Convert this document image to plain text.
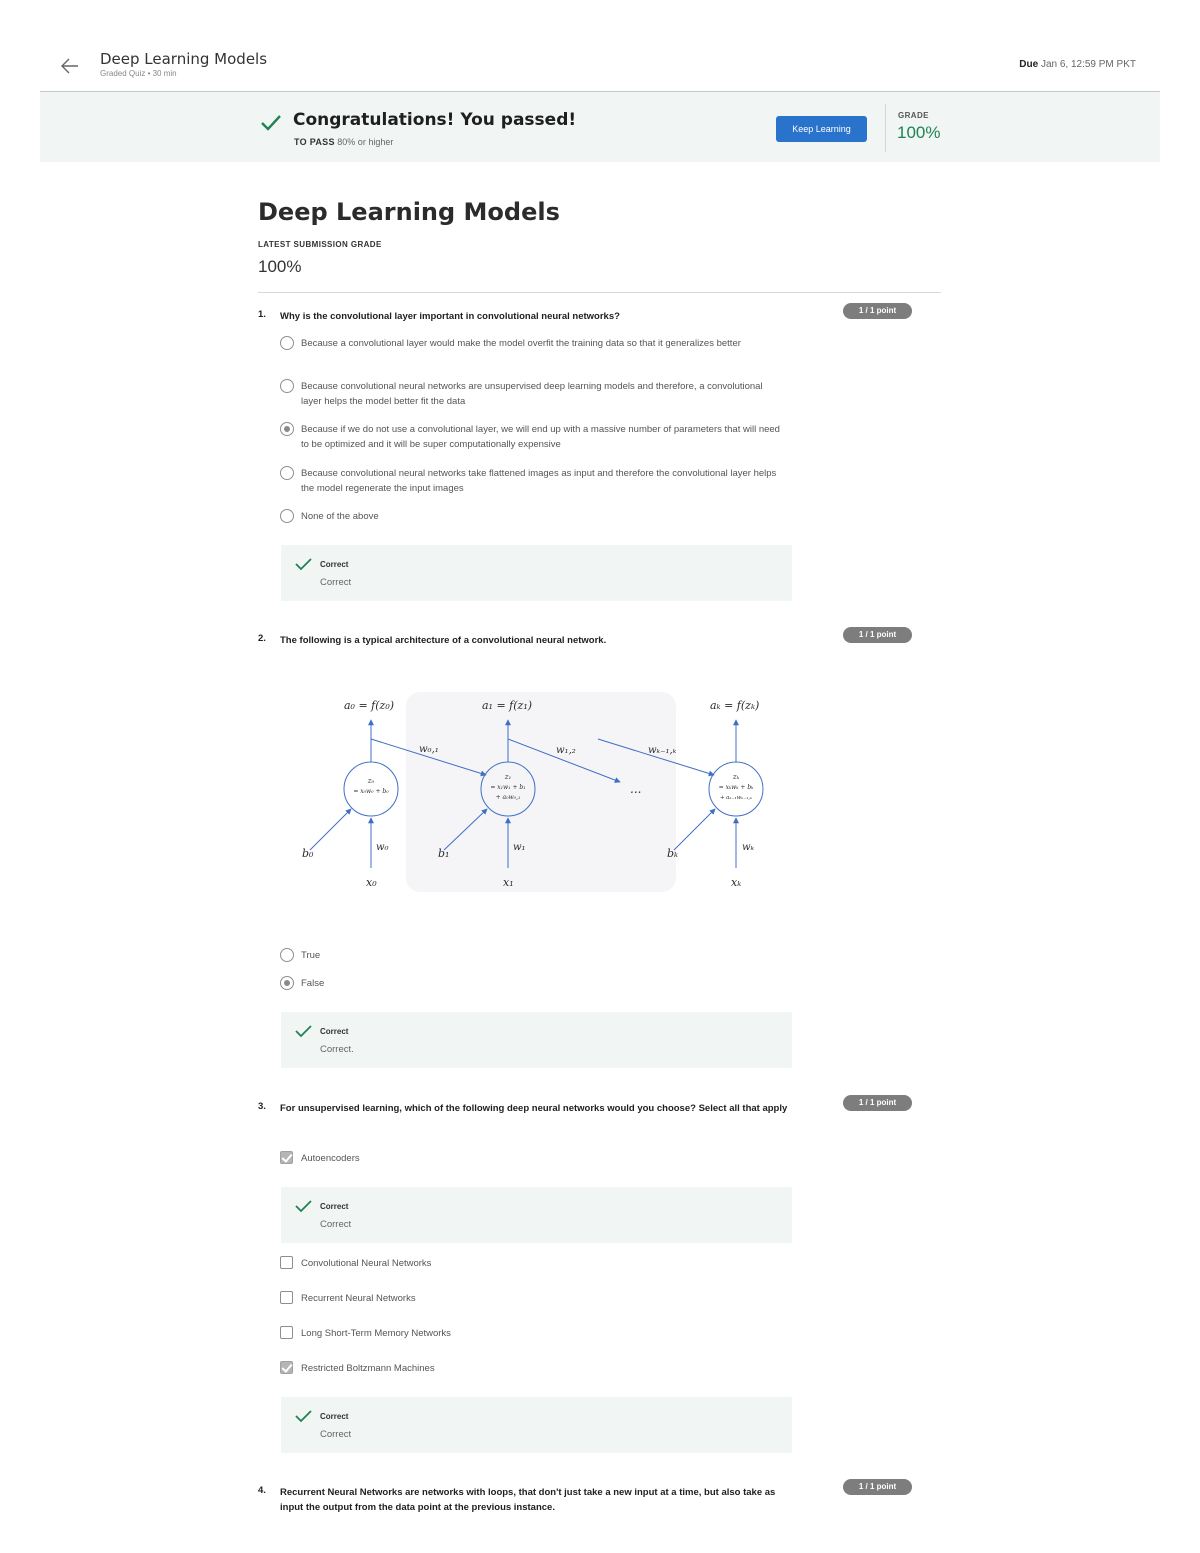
Deep Learning Models
Graded Quiz • 30 min
Due Jan 6, 12:59 PM PKT
Congratulations! You passed!
TO PASS 80% or higher
Keep Learning
GRADE
100%
Deep Learning Models
LATEST SUBMISSION GRADE
100%
1. Why is the convolutional layer important in convolutional neural networks?
1 / 1 point
Because a convolutional layer would make the model overfit the training data so that it generalizes better
Because convolutional neural networks are unsupervised deep learning models and therefore, a convolutional layer helps the model better fit the data
Because if we do not use a convolutional layer, we will end up with a massive number of parameters that will need to be optimized and it will be super computationally expensive
Because convolutional neural networks take flattened images as input and therefore the convolutional layer helps the model regenerate the input images
None of the above
Correct
Correct
2. The following is a typical architecture of a convolutional neural network.
1 / 1 point
a₀ = f(z₀)	a₁ = f(z₁)	aₖ = f(zₖ)
w₀,₁	w₁,₂	wₖ₋₁,ₖ
...
b₀	b₁	bₖ
w₀	w₁	wₖ
x₀	x₁	xₖ
z₀
= x₀w₀ + b₀
z₁
= x₁w₁ + b₁
+ a₀w₀,₁
zₖ
= xₖwₖ + bₖ
+ aₖ₋₁wₖ₋₁,ₖ
True
False
Correct
Correct.
3. For unsupervised learning, which of the following deep neural networks would you choose? Select all that apply
1 / 1 point
Autoencoders
Correct
Correct
Convolutional Neural Networks
Recurrent Neural Networks
Long Short-Term Memory Networks
Restricted Boltzmann Machines
Correct
Correct
4. Recurrent Neural Networks are networks with loops, that don't just take a new input at a time, but also take as input the output from the data point at the previous instance.
1 / 1 point
